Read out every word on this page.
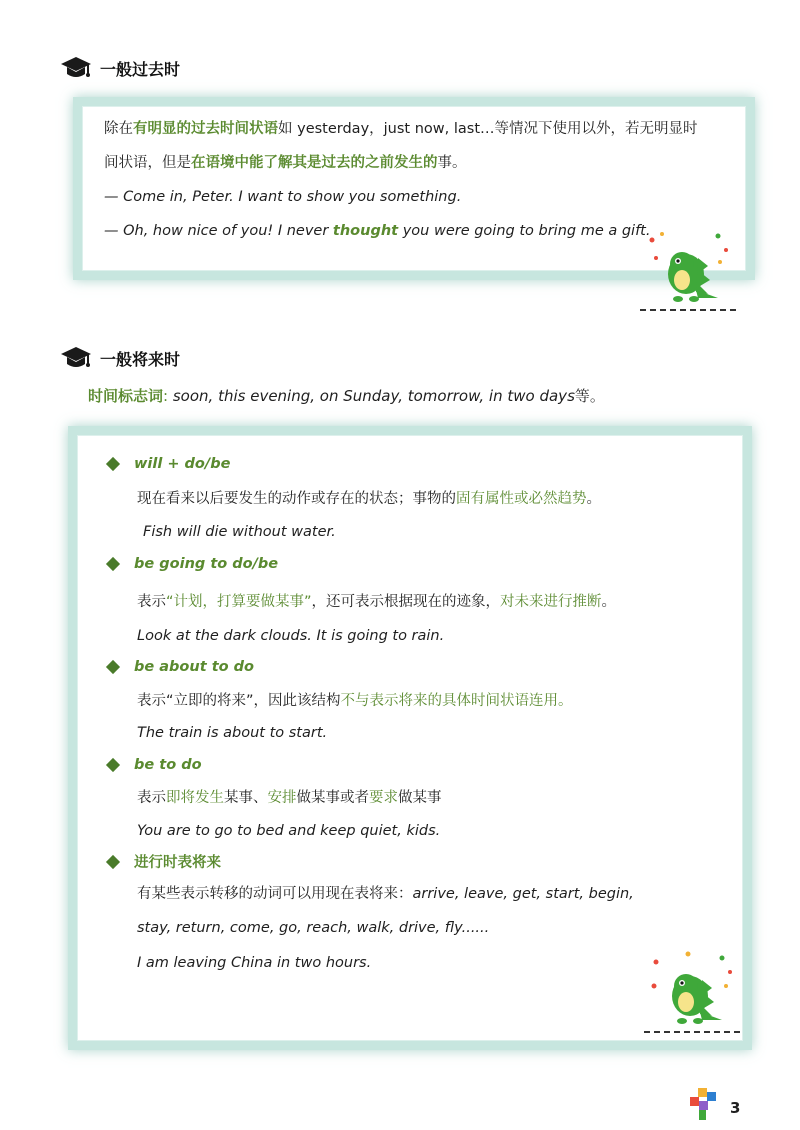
一般过去时
除在有明显的过去时间状语如 yesterday，just now, last…等情况下使用以外，若无明显时
间状语，但是在语境中能了解其是过去的之前发生的事。
— Come in, Peter. I want to show you something.
— Oh, how nice of you! I never thought you were going to bring me a gift.
一般将来时
时间标志词: soon, this evening, on Sunday, tomorrow, in two days等。
will + do/be
现在看来以后要发生的动作或存在的状态；事物的固有属性或必然趋势。
Fish will die without water.
be going to do/be
表示“计划，打算要做某事”，还可表示根据现在的迹象，对未来进行推断。
Look at the dark clouds. It is going to rain.
be about to do
表示“立即的将来”，因此该结构不与表示将来的具体时间状语连用。
The train is about to start.
be to do
表示即将发生某事、安排做某事或者要求做某事
You are to go to bed and keep quiet, kids.
进行时表将来
有某些表示转移的动词可以用现在表将来：arrive, leave, get, start, begin,
stay, return, come, go, reach, walk, drive, fly......
I am leaving China in two hours.
3
